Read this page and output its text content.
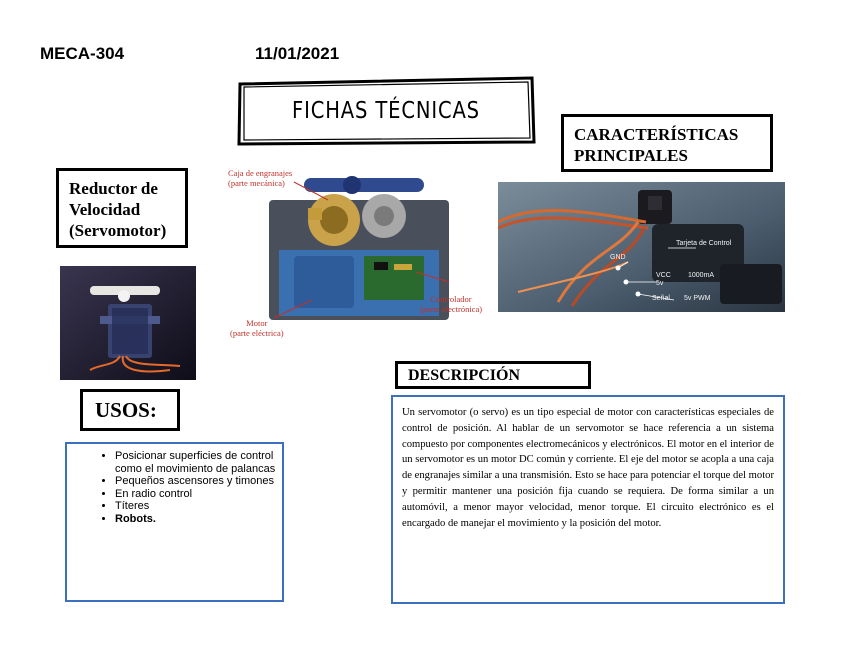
MECA-304	11/01/2021
FICHAS TÉCNICAS
Reductor de Velocidad (Servomotor)
CARACTERÍSTICAS PRINCIPALES
Caja de engranajes
(parte mecánica)
Controlador
(parte electrónica)
Motor
(parte eléctrica)
Tarjeta de Control
GND
VCC
5v
1000mA
Señal 5v PWM
USOS:
DESCRIPCIÓN
• Posicionar superficies de control como el movimiento de palancas
• Pequeños ascensores y timones
• En radio control
• Títeres
• Robots.
Un servomotor (o servo) es un tipo especial de motor con características especiales de control de posición. Al hablar de un servomotor se hace referencia a un sistema compuesto por componentes electromecánicos y electrónicos. El motor en el interior de un servomotor es un motor DC común y corriente. El eje del motor se acopla a una caja de engranajes similar a una transmisión. Esto se hace para potenciar el torque del motor y permitir mantener una posición fija cuando se requiera. De forma similar a un automóvil, a menor mayor velocidad, menor torque. El circuito electrónico es el encargado de manejar el movimiento y la posición del motor.
